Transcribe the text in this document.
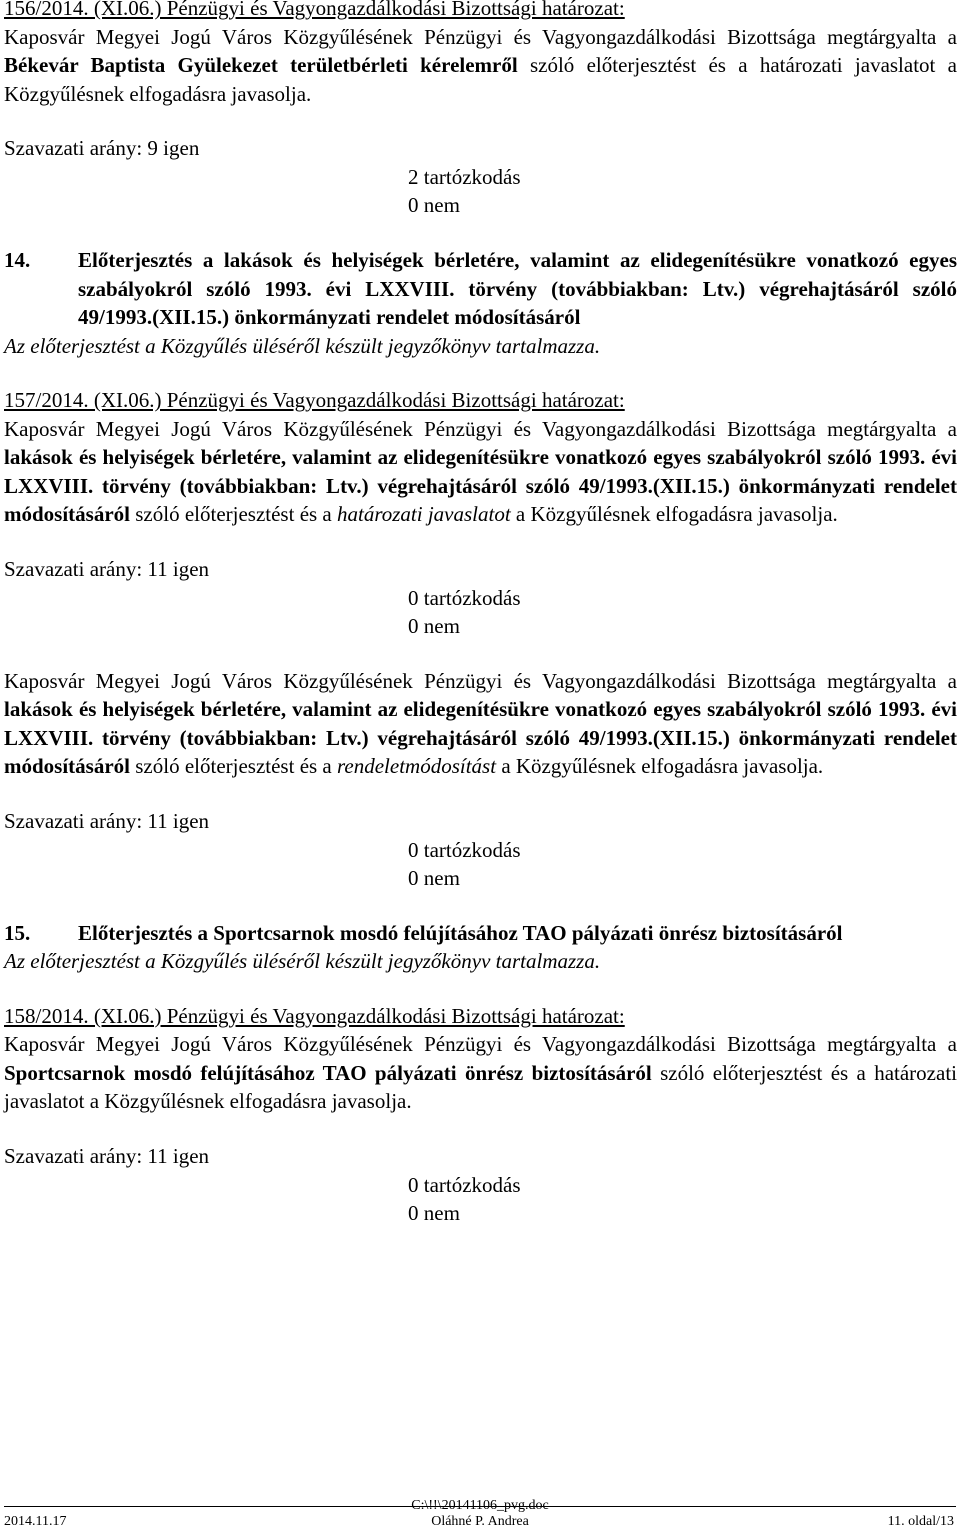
156/2014. (XI.06.) Pénzügyi és Vagyongazdálkodási Bizottsági határozat:
Kaposvár Megyei Jogú Város Közgyűlésének Pénzügyi és Vagyongazdálkodási Bizottsága megtárgyalta a Békevár Baptista Gyülekezet területbérleti kérelemről szóló előterjesztést és a határozati javaslatot a Közgyűlésnek elfogadásra javasolja.

Szavazati arány: 9 igen
2 tartózkodás
0 nem
14.	Előterjesztés a lakások és helyiségek bérletére, valamint az elidegenítésükre vonatkozó egyes szabályokról szóló 1993. évi LXXVIII. törvény (továbbiakban: Ltv.) végrehajtásáról szóló 49/1993.(XII.15.) önkormányzati rendelet módosításáról

Az előterjesztést a Közgyűlés üléséről készült jegyzőkönyv tartalmazza.

157/2014. (XI.06.) Pénzügyi és Vagyongazdálkodási Bizottsági határozat:
Kaposvár Megyei Jogú Város Közgyűlésének Pénzügyi és Vagyongazdálkodási Bizottsága megtárgyalta a lakások és helyiségek bérletére, valamint az elidegenítésükre vonatkozó egyes szabályokról szóló 1993. évi LXXVIII. törvény (továbbiakban: Ltv.) végrehajtásáról szóló 49/1993.(XII.15.) önkormányzati rendelet módosításáról szóló előterjesztést és a határozati javaslatot a Közgyűlésnek elfogadásra javasolja.

Szavazati arány: 11 igen
0 tartózkodás
0 nem

Kaposvár Megyei Jogú Város Közgyűlésének Pénzügyi és Vagyongazdálkodási Bizottsága megtárgyalta a lakások és helyiségek bérletére, valamint az elidegenítésükre vonatkozó egyes szabályokról szóló 1993. évi LXXVIII. törvény (továbbiakban: Ltv.) végrehajtásáról szóló 49/1993.(XII.15.) önkormányzati rendelet módosításáról szóló előterjesztést és a rendeletmódosítást a Közgyűlésnek elfogadásra javasolja.

Szavazati arány: 11 igen
0 tartózkodás
0 nem
15.	Előterjesztés a Sportcsarnok mosdó felújításához TAO pályázati önrész biztosításáról

Az előterjesztést a Közgyűlés üléséről készült jegyzőkönyv tartalmazza.

158/2014. (XI.06.) Pénzügyi és Vagyongazdálkodási Bizottsági határozat:
Kaposvár Megyei Jogú Város Közgyűlésének Pénzügyi és Vagyongazdálkodási Bizottsága megtárgyalta a Sportcsarnok mosdó felújításához TAO pályázati önrész biztosításáról szóló előterjesztést és a határozati javaslatot a Közgyűlésnek elfogadásra javasolja.

Szavazati arány: 11 igen
0 tartózkodás
0 nem
2014.11.17
C:\!!\20141106_pvg.doc
Oláhné P. Andrea	11. oldal/13
